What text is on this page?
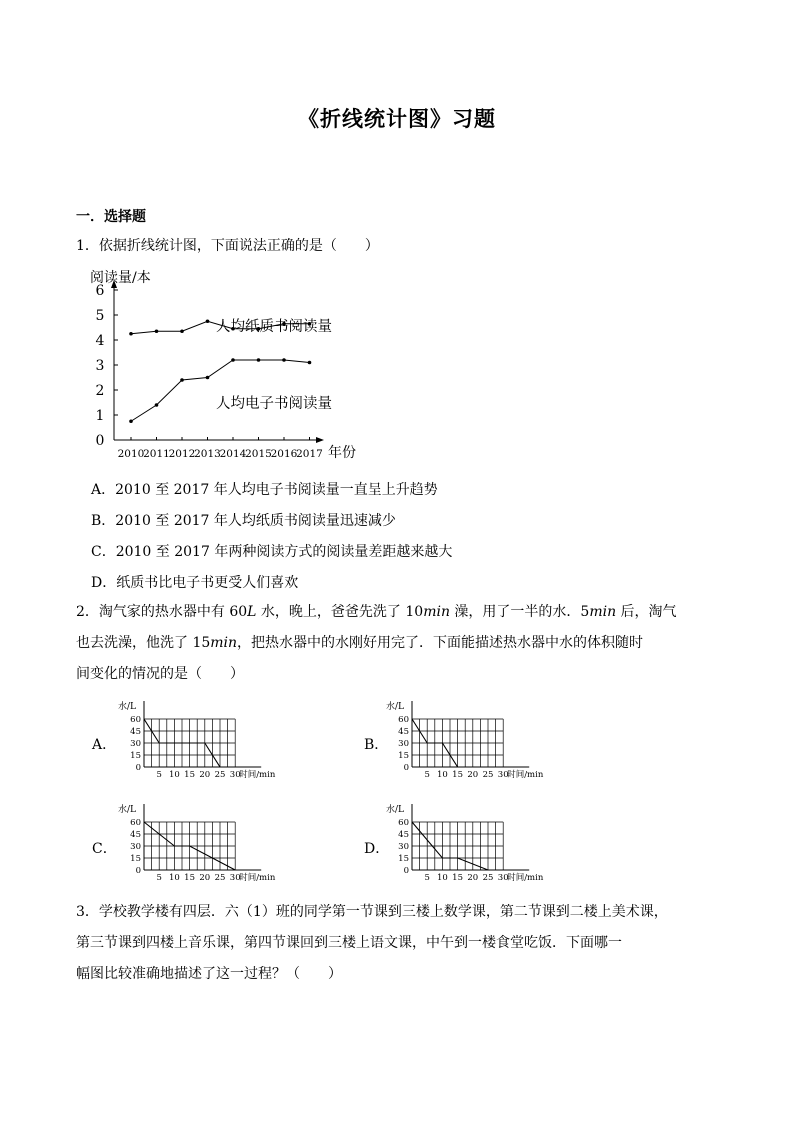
《折线统计图》习题
一．选择题
1．依据折线统计图，下面说法正确的是（　　）
0
1
2
3
4
5
6
阅读量/本
2010
2011
2012
2013
2014
2015
2016
2017 年份
人均纸质书阅读量
人均电子书阅读量
A．2010 至 2017 年人均电子书阅读量一直呈上升趋势
B．2010 至 2017 年人均纸质书阅读量迅速减少
C．2010 至 2017 年两种阅读方式的阅读量差距越来越大
D．纸质书比电子书更受人们喜欢
2．淘气家的热水器中有 60L 水，晚上，爸爸先洗了 10min 澡，用了一半的水．5min 后，淘气
也去洗澡，他洗了 15min，把热水器中的水刚好用完了．下面能描述热水器中水的体积随时
间变化的情况的是（　　）
A．	B．
C．	D．
水/L
0
15
30
45
60
5 10 15 20 25 30
时间/min
水/L
0
15
30
45
60
5 10 15 20 25 30
时间/min
水/L
0
15
30
45
60
5 10 15 20 25 30
时间/min
水/L
0
15
30
45
60
5 10 15 20 25 30
时间/min
3．学校教学楼有四层．六（1）班的同学第一节课到三楼上数学课，第二节课到二楼上美术课，
第三节课到四楼上音乐课，第四节课回到三楼上语文课，中午到一楼食堂吃饭．下面哪一
幅图比较准确地描述了这一过程？（　　）
